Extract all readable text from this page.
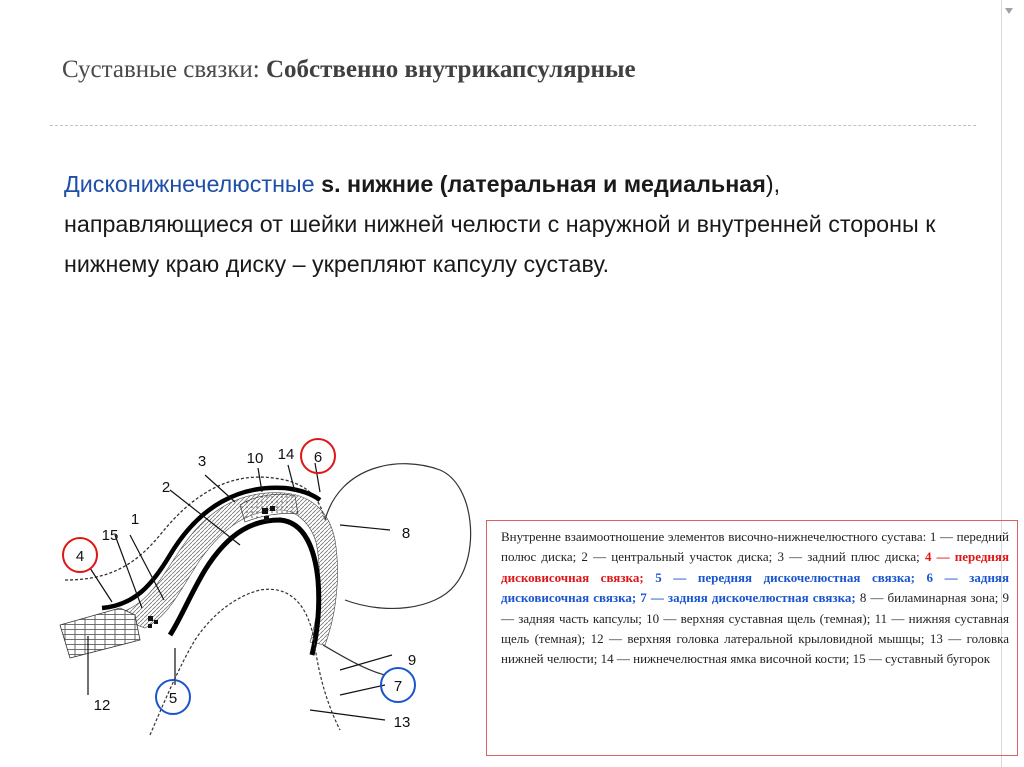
Суставные связки: Собственно внутрикапсулярные

Дисконижнечелюстные s. нижние (латеральная и медиальная), направляющиеся от шейки нижней челюсти с наружной и внутренней стороны к нижнему краю диску – укрепляют капсулу суставу.

1
2
3
4
5
6
7
8
9
10
12
13
14
15	Внутренне взаимоотношение элементов височно-нижнечелюстного сустава: 1 — передний полюс диска; 2 — центральный участок диска; 3 — задний плюс диска; 4 — передняя дисковисочная связка; 5 — передняя дискочелюстная связка; 6 — задняя дисковисочная связка; 7 — задняя дискочелюстная связка; 8 — биламинарная зона; 9 — задняя часть капсулы; 10 — верхняя суставная щель (темная); 11 — нижняя суставная щель (темная); 12 — верхняя головка латеральной крыловидной мышцы; 13 — головка нижней челюсти; 14 — нижнечелюстная ямка височной кости; 15 — суставный бугорок
